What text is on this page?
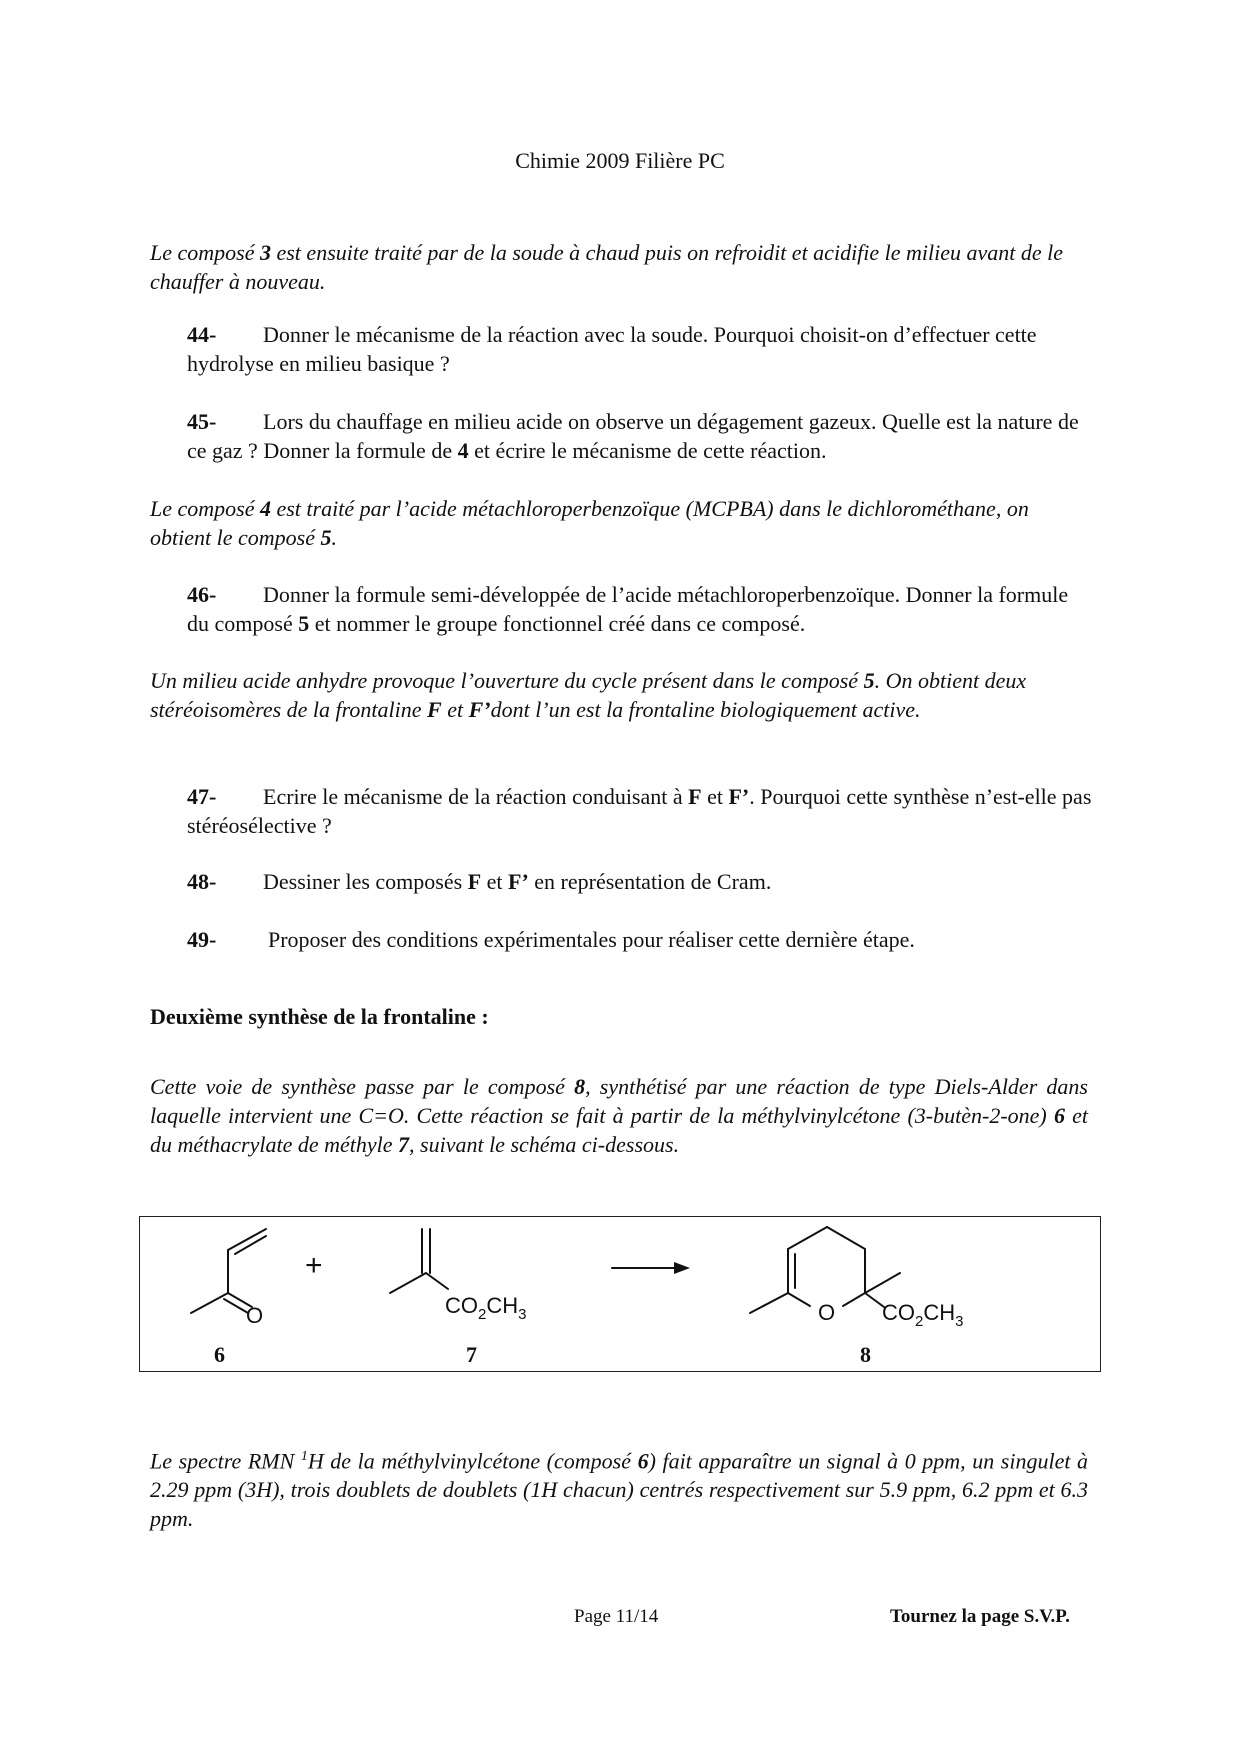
Chimie 2009 Filière PC
Le composé 3 est ensuite traité par de la soude à chaud puis on refroidit et acidifie le milieu avant de le chauffer à nouveau.
44- Donner le mécanisme de la réaction avec la soude. Pourquoi choisit-on d’effectuer cette hydrolyse en milieu basique ?
45- Lors du chauffage en milieu acide on observe un dégagement gazeux. Quelle est la nature de ce gaz ? Donner la formule de 4 et écrire le mécanisme de cette réaction.
Le composé 4 est traité par l’acide métachloroperbenzoïque (MCPBA) dans le dichlorométhane, on obtient le composé 5.
46- Donner la formule semi-développée de l’acide métachloroperbenzoïque. Donner la formule du composé 5 et nommer le groupe fonctionnel créé dans ce composé.
Un milieu acide anhydre provoque l’ouverture du cycle présent dans le composé 5. On obtient deux stéréoisomères de la frontaline F et F’dont l’un est la frontaline biologiquement active.
47- Ecrire le mécanisme de la réaction conduisant à F et F’. Pourquoi cette synthèse n’est-elle pas stéréosélective ?
48- Dessiner les composés F et F’ en représentation de Cram.
49- Proposer des conditions expérimentales pour réaliser cette dernière étape.
Deuxième synthèse de la frontaline :
Cette voie de synthèse passe par le composé 8, synthétisé par une réaction de type Diels-Alder dans laquelle intervient une C=O. Cette réaction se fait à partir de la méthylvinylcétone (3-butèn-2-one) 6 et du méthacrylate de méthyle 7, suivant le schéma ci-dessous.
O
+
$CO_2CH_3$	O $CO_2CH_3$
6	7	8
Le spectre RMN $^1$H de la méthylvinylcétone (composé 6) fait apparaître un signal à 0 ppm, un singulet à 2.29 ppm (3H), trois doublets de doublets (1H chacun) centrés respectivement sur 5.9 ppm, 6.2 ppm et 6.3 ppm.
Page 11/14	Tournez la page S.V.P.
